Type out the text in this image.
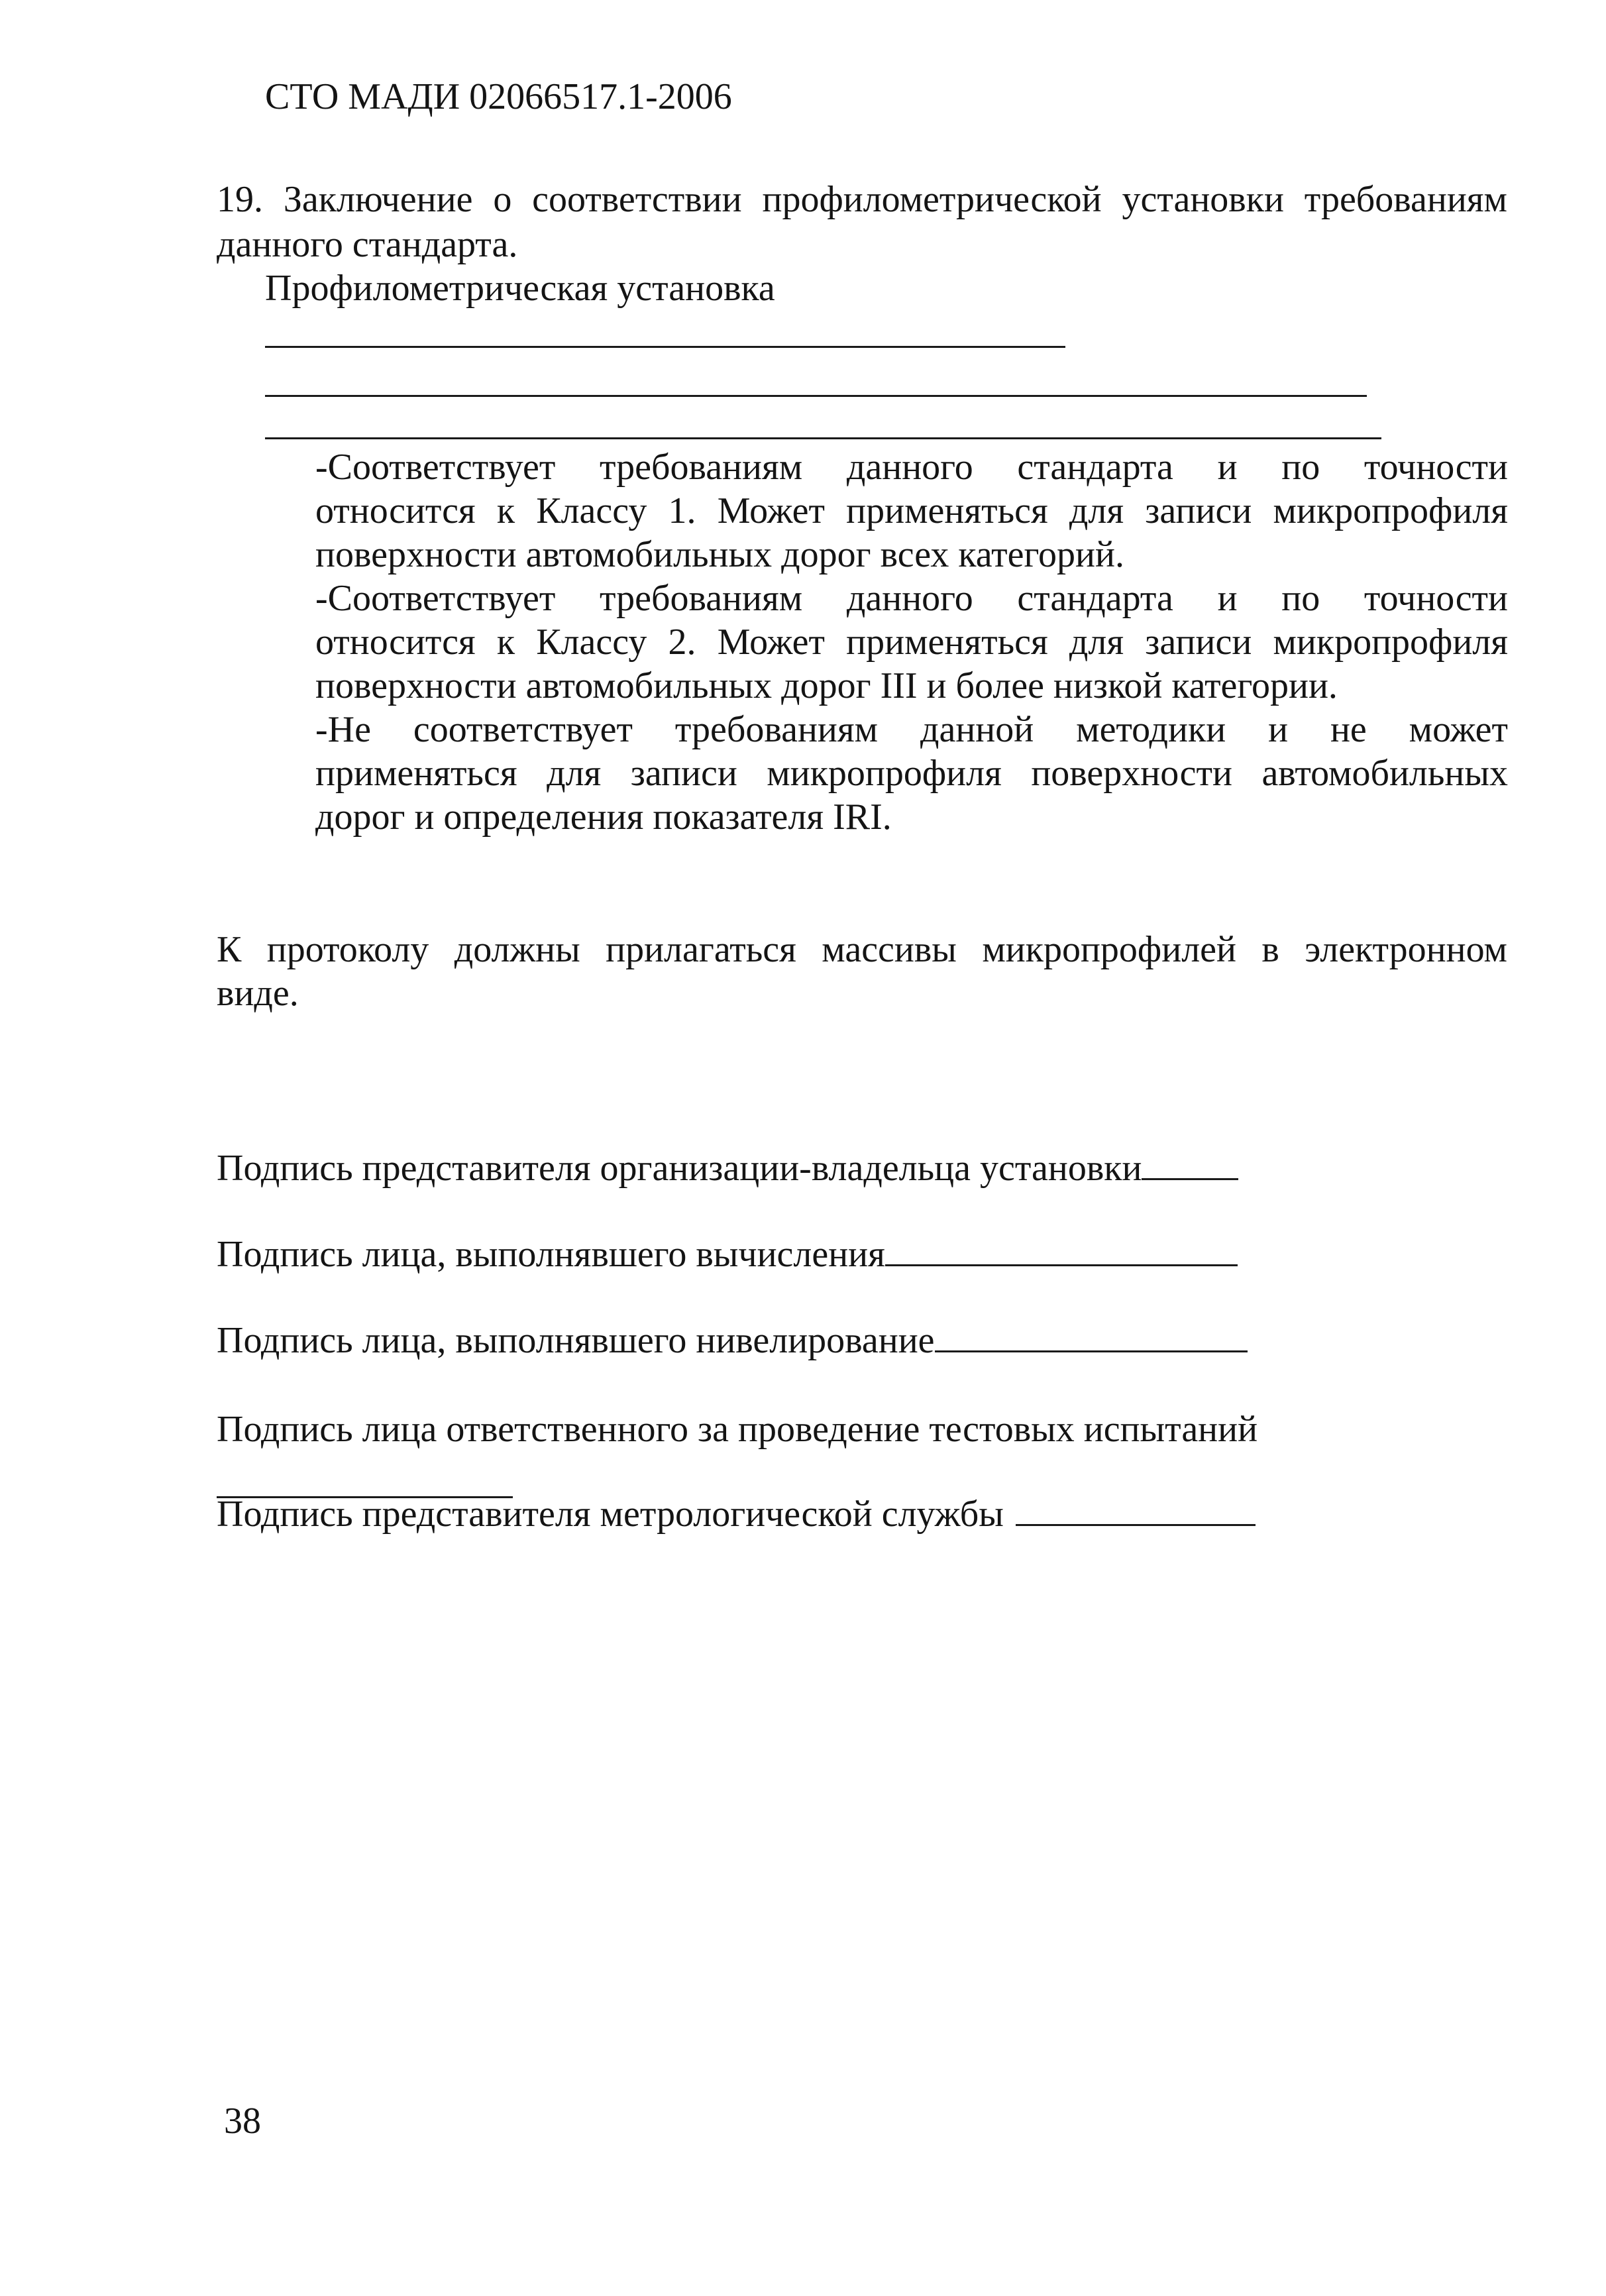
СТО МАДИ 02066517.1-2006
19. Заключение о соответствии профилометрической установки требованиям
данного стандарта.
Профилометрическая установка
-Соответствует требованиям данного стандарта и по точности
относится к Классу 1. Может применяться для записи микропрофиля
поверхности автомобильных дорог всех категорий.
-Соответствует требованиям данного стандарта и по точности
относится к Классу 2. Может применяться для записи микропрофиля
поверхности автомобильных дорог III и более низкой категории.
-Не соответствует требованиям данной методики и не может
применяться для записи микропрофиля поверхности автомобильных
дорог и определения показателя IRI.
К протоколу должны прилагаться массивы микропрофилей в электронном
виде.
Подпись представителя организации-владельца установки
Подпись лица, выполнявшего вычисления
Подпись лица, выполнявшего нивелирование
Подпись лица ответственного за проведение тестовых испытаний
Подпись представителя метрологической службы
38
